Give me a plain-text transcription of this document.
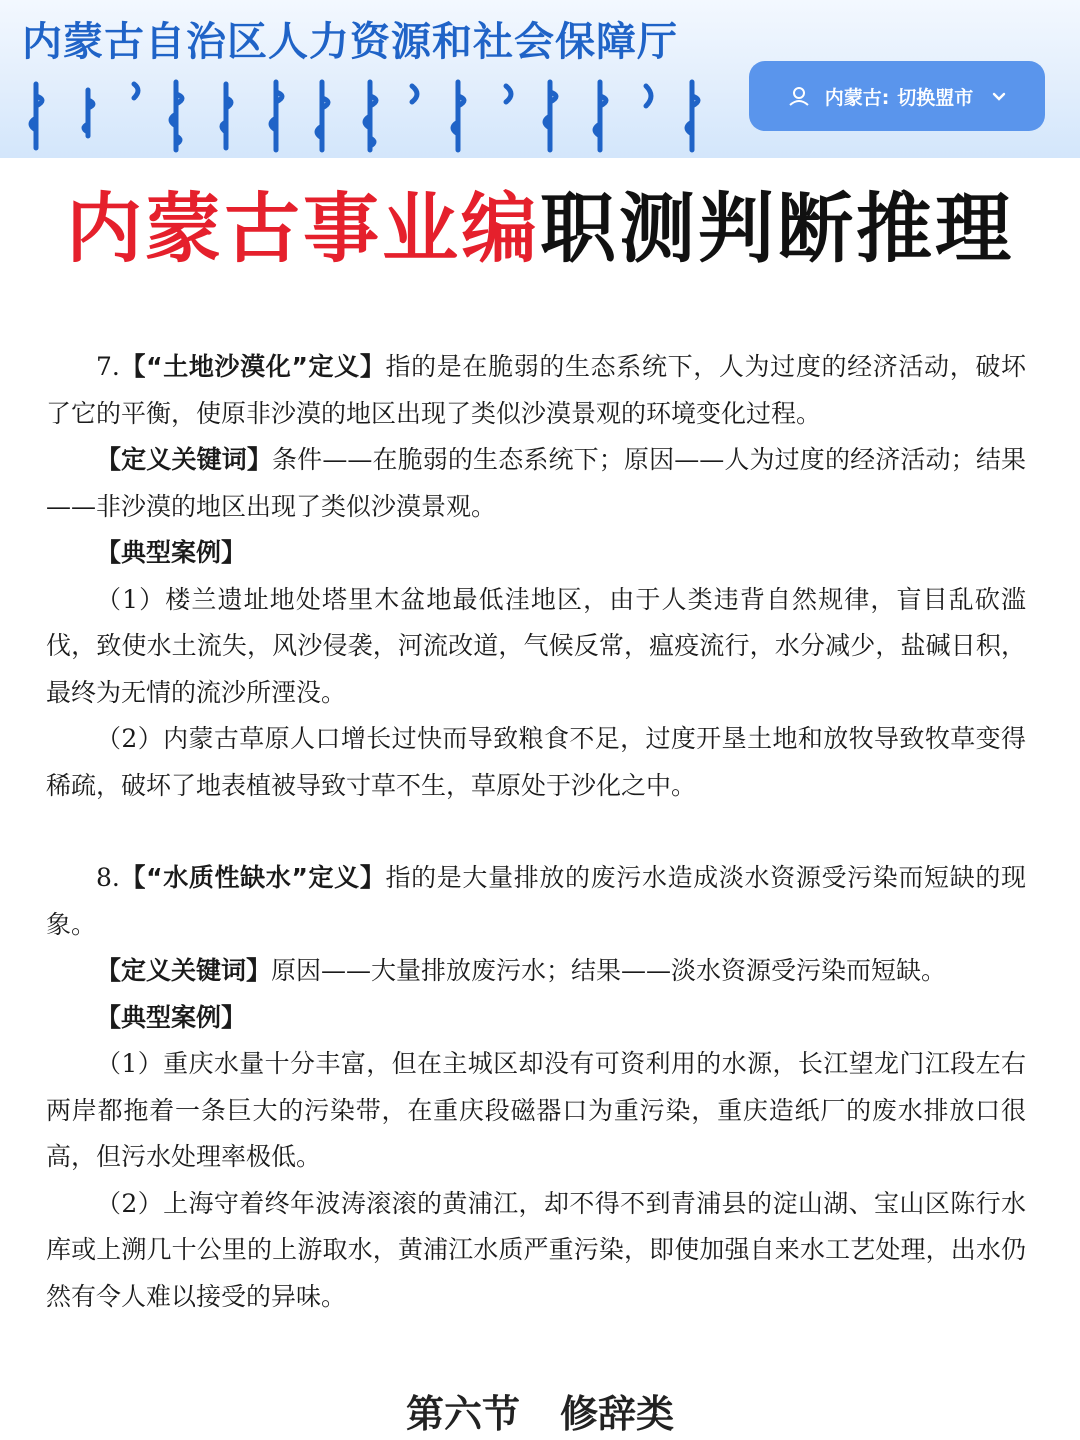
内蒙古自治区人力资源和社会保障厅
内蒙古: 切换盟市
内蒙古事业编职测判断推理

7.【“土地沙漠化”定义】指的是在脆弱的生态系统下，人为过度的经济活动，破坏了它的平衡，使原非沙漠的地区出现了类似沙漠景观的环境变化过程。

【定义关键词】条件——在脆弱的生态系统下；原因——人为过度的经济活动；结果——非沙漠的地区出现了类似沙漠景观。

【典型案例】

（1）楼兰遗址地处塔里木盆地最低洼地区，由于人类违背自然规律，盲目乱砍滥伐，致使水土流失，风沙侵袭，河流改道，气候反常，瘟疫流行，水分减少，盐碱日积，最终为无情的流沙所湮没。

（2）内蒙古草原人口增长过快而导致粮食不足，过度开垦土地和放牧导致牧草变得稀疏，破坏了地表植被导致寸草不生，草原处于沙化之中。

8.【“水质性缺水”定义】指的是大量排放的废污水造成淡水资源受污染而短缺的现象。

【定义关键词】原因——大量排放废污水；结果——淡水资源受污染而短缺。

【典型案例】

（1）重庆水量十分丰富，但在主城区却没有可资利用的水源，长江望龙门江段左右两岸都拖着一条巨大的污染带，在重庆段磁器口为重污染，重庆造纸厂的废水排放口很高，但污水处理率极低。

（2）上海守着终年波涛滚滚的黄浦江，却不得不到青浦县的淀山湖、宝山区陈行水库或上溯几十公里的上游取水，黄浦江水质严重污染，即使加强自来水工艺处理，出水仍然有令人难以接受的异味。

第六节 修辞类
